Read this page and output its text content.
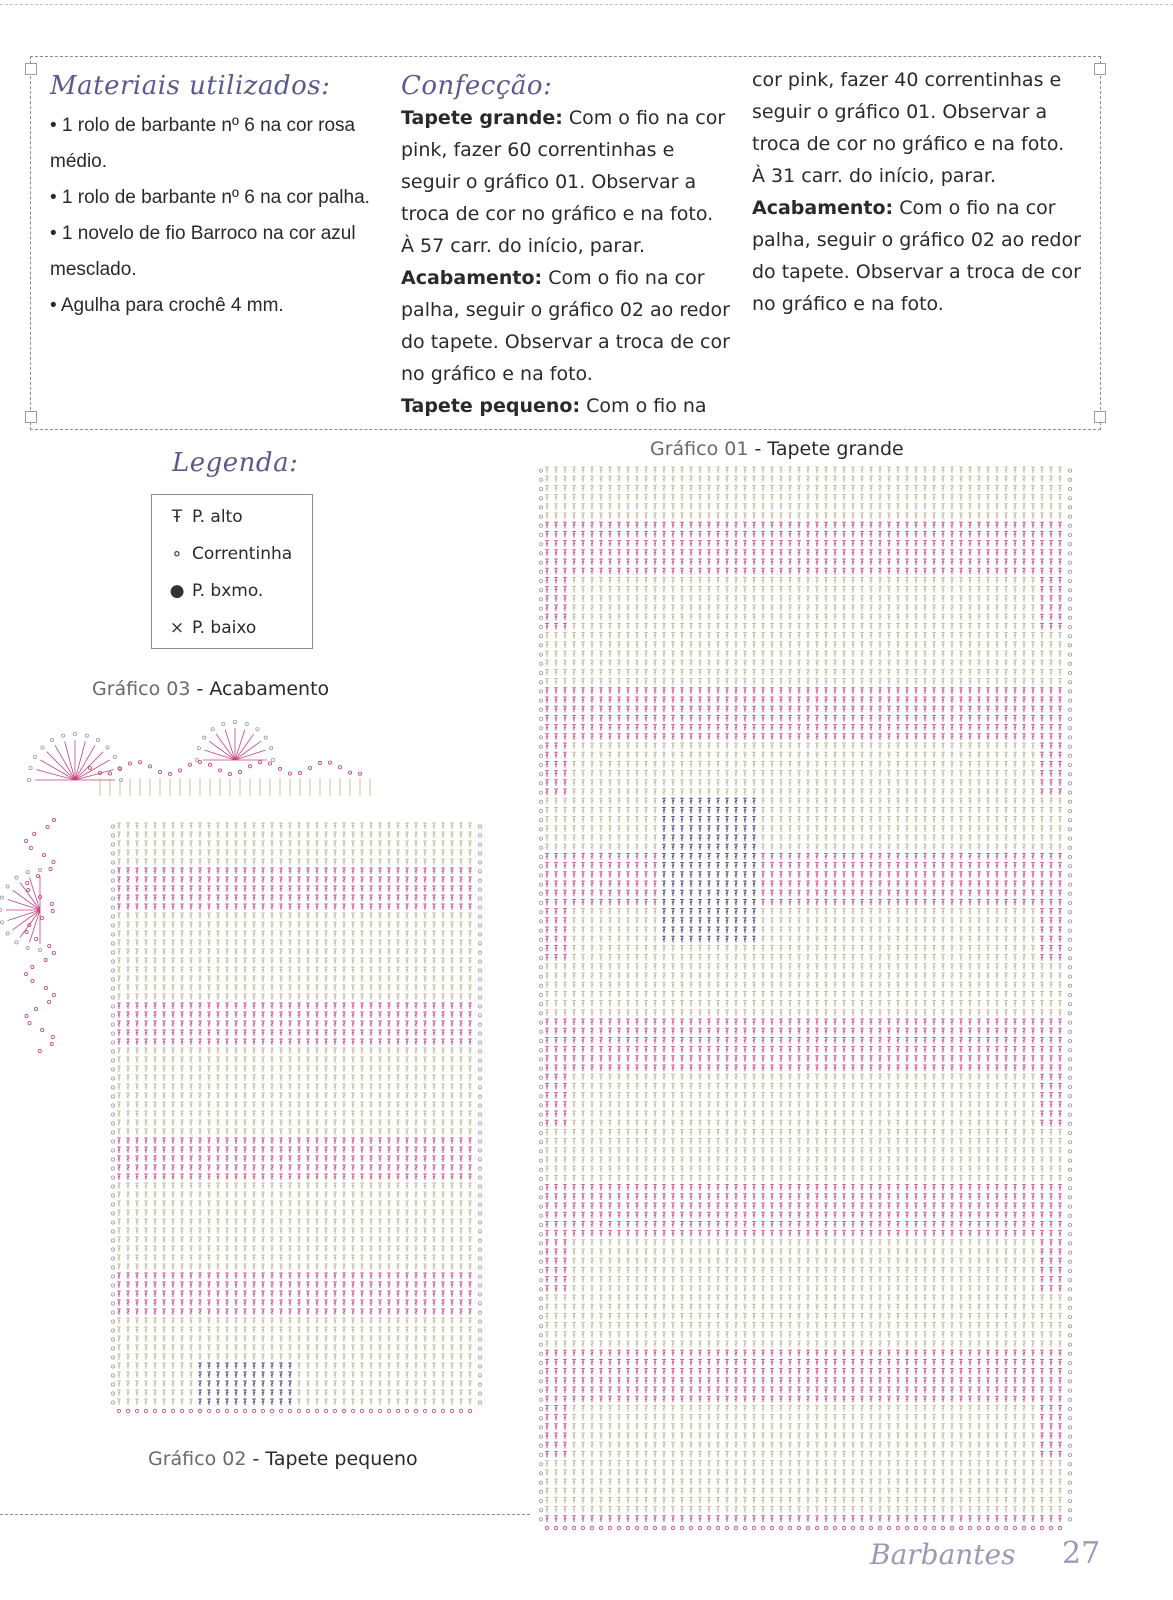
Materiais utilizados:

• 1 rolo de barbante nº 6 na cor rosa médio.

• 1 rolo de barbante nº 6 na cor palha.

• 1 novelo de fio Barroco na cor azul mesclado.

• Agulha para crochê 4 mm.

Confecção:

Tapete grande: Com o fio na cor pink, fazer 60 correntinhas e seguir o gráfico 01. Observar a troca de cor no gráfico e na foto. À 57 carr. do início, parar.

Acabamento: Com o fio na cor palha, seguir o gráfico 02 ao redor do tapete. Observar a troca de cor no gráfico e na foto.

Tapete pequeno: Com o fio na

cor pink, fazer 40 correntinhas e seguir o gráfico 01. Observar a troca de cor no gráfico e na foto. À 31 carr. do início, parar.

Acabamento: Com o fio na cor palha, seguir o gráfico 02 ao redor do tapete. Observar a troca de cor no gráfico e na foto.

Legenda:
Ŧ P. alto
∘ Correntinha
● P. bxmo.
× P. baixo
Gráfico 01 - Tapete grande
Gráfico 03 - Acabamento
Gráfico 02 - Tapete pequeno
Barbantes 27
